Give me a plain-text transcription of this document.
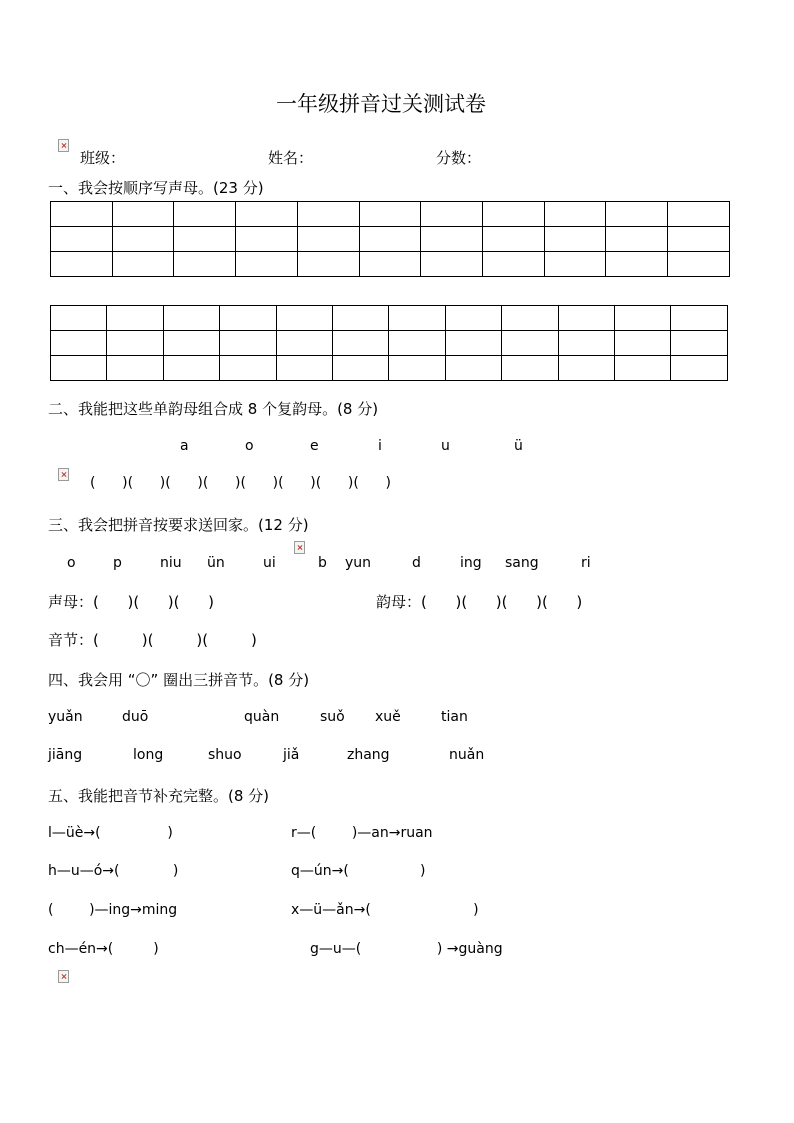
一年级拼音过关测试卷
班级：	姓名：	分数：
一、我会按顺序写声母。(23 分)

二、我能把这些单韵母组合成 8 个复韵母。(8 分)
a	o	e	i	u	ü
(      )(      )(      )(      )(      )(      )(      )(      )
三、我会把拼音按要求送回家。(12 分)
o	p	niu ün	ui	b yun	d	ing sang	ri
声母：(      )(      )(      )	韵母：(      )(      )(      )(      )
音节：(         )(         )(         )
四、我会用 “〇” 圈出三拼音节。(8 分)
yuǎn	duō	quàn	suǒ xuě	tian
jiāng	long	shuo	jiǎ	zhang	nuǎn
五、我能把音节补充完整。(8 分)
l—üè→(               )	r—(        )—an→ruan
h—u—ó→(            )	q—ún→(                )
(        )—ing→ming	x—ü—ǎn→(                       )
ch—én→(         )	g—u—(                 ) →guàng
